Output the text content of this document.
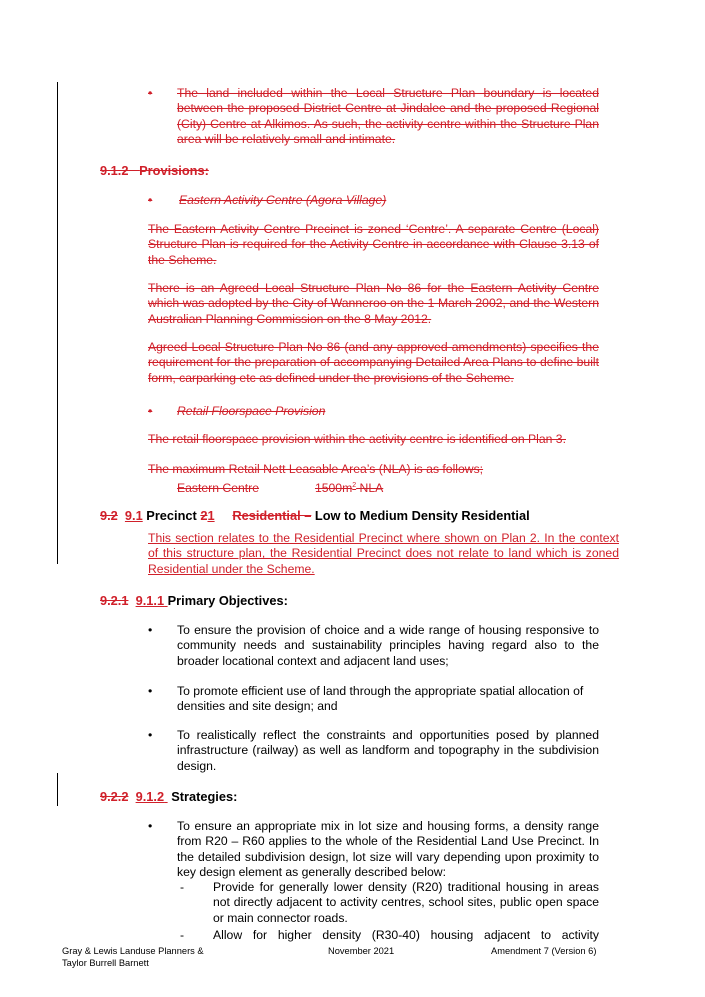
• The land included within the Local Structure Plan boundary is located between the proposed District Centre at Jindalee and the proposed Regional (City) Centre at Alkimos. As such, the activity centre within the Structure Plan area will be relatively small and intimate.

9.1.2 Provisions:
• Eastern Activity Centre (Agora Village)

The Eastern Activity Centre Precinct is zoned ‘Centre’. A separate Centre (Local) Structure Plan is required for the Activity Centre in accordance with Clause 3.13 of the Scheme.

There is an Agreed Local Structure Plan No 86 for the Eastern Activity Centre which was adopted by the City of Wanneroo on the 1 March 2002, and the Western Australian Planning Commission on the 8 May 2012.

Agreed Local Structure Plan No 86 (and any approved amendments) specifies the requirement for the preparation of accompanying Detailed Area Plans to define built form, carparking etc as defined under the provisions of the Scheme.

• Retail Floorspace Provision

The retail floorspace provision within the activity centre is identified on Plan 3.

The maximum Retail Nett Leasable Area’s (NLA) is as follows;

Eastern Centre	$1500m^2$ NLA
9.2 9.1 Precinct 21 Residential – Low to Medium Density Residential

This section relates to the Residential Precinct where shown on Plan 2. In the context of this structure plan, the Residential Precinct does not relate to land which is zoned Residential under the Scheme.

9.2.1 9.1.1 Primary Objectives:
• To ensure the provision of choice and a wide range of housing responsive to community needs and sustainability principles having regard also to the broader locational context and adjacent land uses;

• To promote efficient use of land through the appropriate spatial allocation of densities and site design; and

• To realistically reflect the constraints and opportunities posed by planned infrastructure (railway) as well as landform and topography in the subdivision design.

9.2.2 9.1.2 Strategies:
• To ensure an appropriate mix in lot size and housing forms, a density range from R20 – R60 applies to the whole of the Residential Land Use Precinct. In the detailed subdivision design, lot size will vary depending upon proximity to key design element as generally described below:

- Provide for generally lower density (R20) traditional housing in areas not directly adjacent to activity centres, school sites, public open space or main connector roads.

- Allow for higher density (R30-40) housing adjacent to activity

Gray & Lewis Landuse Planners &
Taylor Burrell Barnett
November 2021	Amendment 7 (Version 6)
